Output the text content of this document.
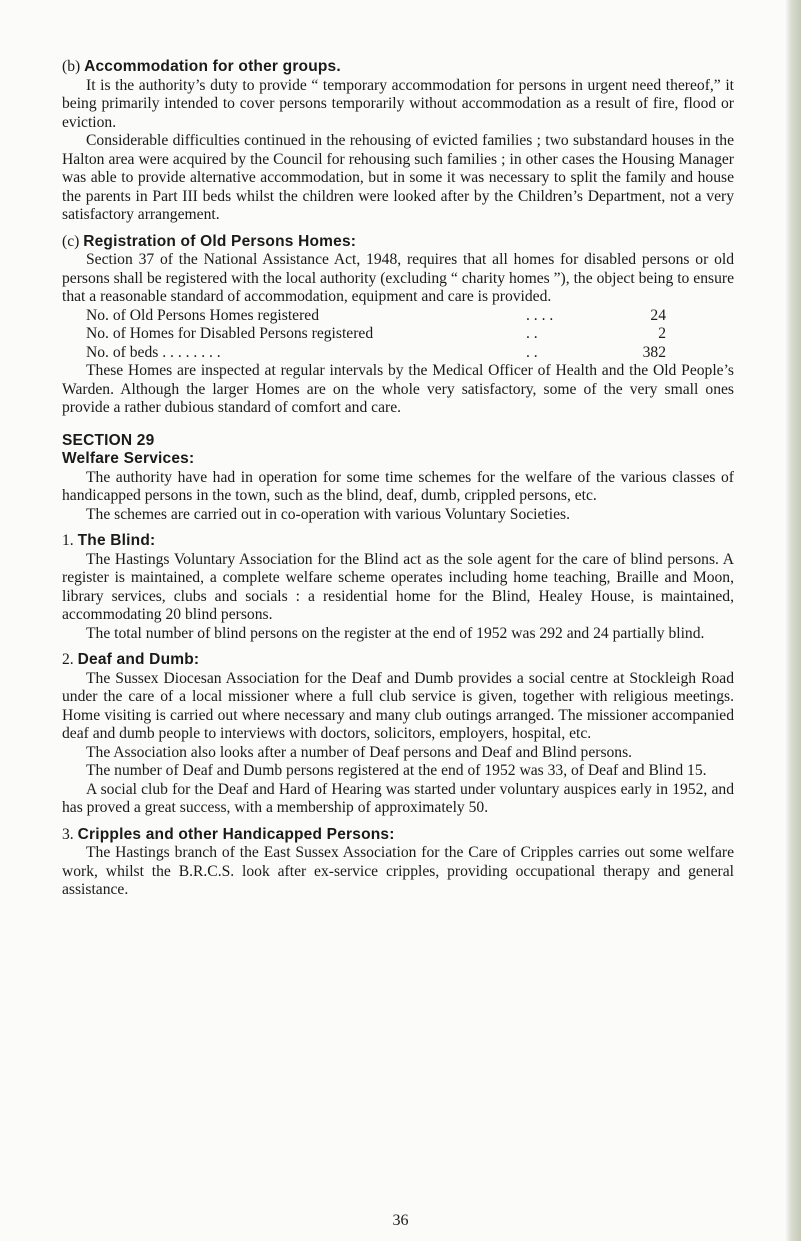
(b) Accommodation for other groups.

It is the authority’s duty to provide “ temporary accommodation for persons in urgent need thereof,” it being primarily intended to cover persons temporarily without accommodation as a result of fire, flood or eviction.

Considerable difficulties continued in the rehousing of evicted families ; two substandard houses in the Halton area were acquired by the Council for rehousing such families ; in other cases the Housing Manager was able to provide alternative accommodation, but in some it was necessary to split the family and house the parents in Part III beds whilst the children were looked after by the Children’s Department, not a very satisfactory arrangement.

(c) Registration of Old Persons Homes:

Section 37 of the National Assistance Act, 1948, requires that all homes for disabled persons or old persons shall be registered with the local authority (excluding “ charity homes ”), the object being to ensure that a reasonable standard of accommodation, equipment and care is provided.

No. of Old Persons Homes registered	. . . .	24
No. of Homes for Disabled Persons registered	. .	2
No. of beds . . . . . . . .	. .	382

These Homes are inspected at regular intervals by the Medical Officer of Health and the Old People’s Warden. Although the larger Homes are on the whole very satisfactory, some of the very small ones provide a rather dubious standard of comfort and care.

SECTION 29
Welfare Services:

The authority have had in operation for some time schemes for the welfare of the various classes of handicapped persons in the town, such as the blind, deaf, dumb, crippled persons, etc.

The schemes are carried out in co-operation with various Voluntary Societies.

1. The Blind:

The Hastings Voluntary Association for the Blind act as the sole agent for the care of blind persons. A register is maintained, a complete welfare scheme operates including home teaching, Braille and Moon, library services, clubs and socials : a residential home for the Blind, Healey House, is maintained, accommodating 20 blind persons.

The total number of blind persons on the register at the end of 1952 was 292 and 24 partially blind.

2. Deaf and Dumb:

The Sussex Diocesan Association for the Deaf and Dumb provides a social centre at Stockleigh Road under the care of a local missioner where a full club service is given, together with religious meetings. Home visiting is carried out where necessary and many club outings arranged. The missioner accompanied deaf and dumb people to interviews with doctors, solicitors, employers, hospital, etc.

The Association also looks after a number of Deaf persons and Deaf and Blind persons.

The number of Deaf and Dumb persons registered at the end of 1952 was 33, of Deaf and Blind 15.

A social club for the Deaf and Hard of Hearing was started under voluntary auspices early in 1952, and has proved a great success, with a membership of approximately 50.

3. Cripples and other Handicapped Persons:

The Hastings branch of the East Sussex Association for the Care of Cripples carries out some welfare work, whilst the B.R.C.S. look after ex-service cripples, providing occupational therapy and general assistance.

36
